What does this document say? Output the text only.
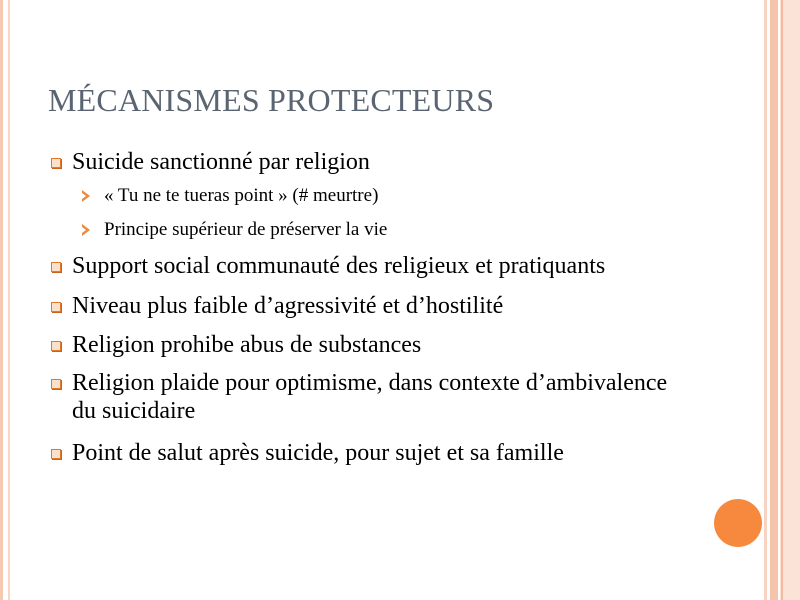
MÉCANISMES PROTECTEURS
Suicide sanctionné par religion
« Tu ne te tueras point » (# meurtre)
Principe supérieur de préserver la vie
Support social communauté des religieux et pratiquants
Niveau plus faible d’agressivité et d’hostilité
Religion prohibe abus de substances
Religion plaide pour optimisme, dans contexte d’ambivalence du suicidaire
Point de salut après suicide, pour sujet et sa famille
